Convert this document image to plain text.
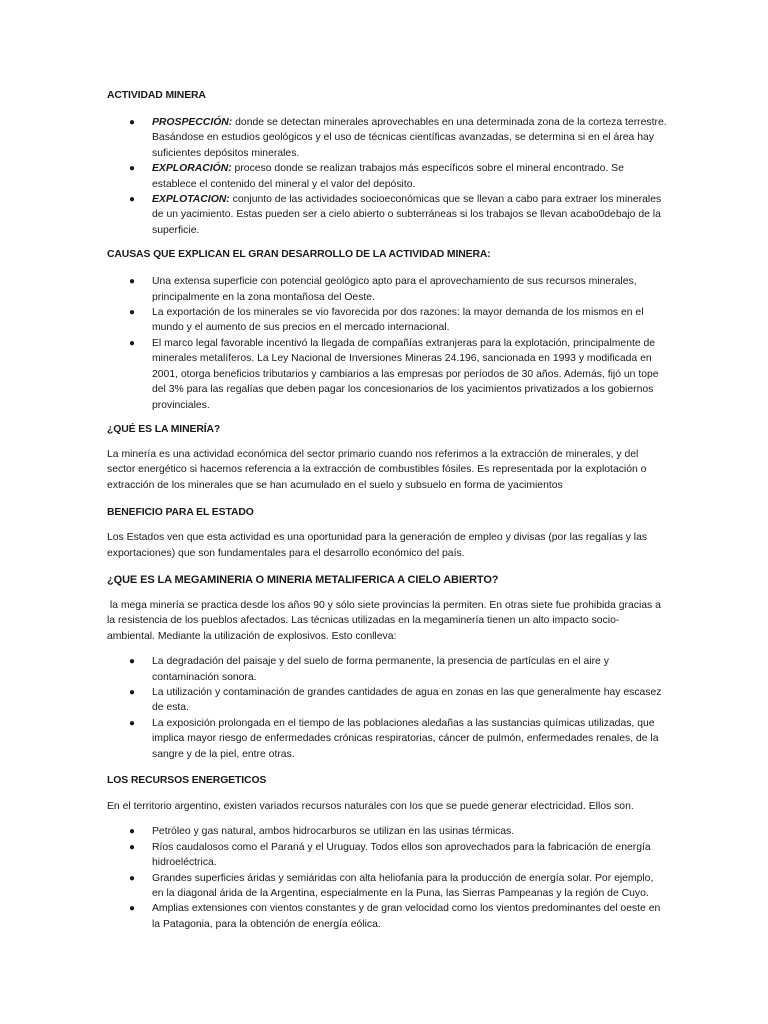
ACTIVIDAD MINERA
● PROSPECCIÓN: donde se detectan minerales aprovechables en una determinada zona de la corteza terrestre. Basándose en estudios geológicos y el uso de técnicas científicas avanzadas, se determina si en el área hay suficientes depósitos minerales.
● EXPLORACIÓN: proceso donde se realizan trabajos más específicos sobre el mineral encontrado. Se establece el contenido del mineral y el valor del depósito.
● EXPLOTACION: conjunto de las actividades socioeconómicas que se llevan a cabo para extraer los minerales de un yacimiento. Estas pueden ser a cielo abierto o subterráneas si los trabajos se llevan acabo0debajo de la superficie.
CAUSAS QUE EXPLICAN EL GRAN DESARROLLO DE LA ACTIVIDAD MINERA:
● Una extensa superficie con potencial geológico apto para el aprovechamiento de sus recursos minerales, principalmente en la zona montañosa del Oeste.
● La exportación de los minerales se vio favorecida por dos razones: la mayor demanda de los mismos en el mundo y el aumento de sus precios en el mercado internacional.
● El marco legal favorable incentivó la llegada de compañías extranjeras para la explotación, principalmente de minerales metalíferos. La Ley Nacional de Inversiones Mineras 24.196, sancionada en 1993 y modificada en 2001, otorga beneficios tributarios y cambiarios a las empresas por períodos de 30 años. Además, fijó un tope del 3% para las regalías que deben pagar los concesionarios de los yacimientos privatizados a los gobiernos provinciales.
¿QUÉ ES LA MINERÍA?

La minería es una actividad económica del sector primario cuando nos referimos a la extracción de minerales, y del sector energético si hacemos referencia a la extracción de combustibles fósiles. Es representada por la explotación o extracción de los minerales que se han acumulado en el suelo y subsuelo en forma de yacimientos

BENEFICIO PARA EL ESTADO

Los Estados ven que esta actividad es una oportunidad para la generación de empleo y divisas (por las regalías y las exportaciones) que son fundamentales para el desarrollo económico del país.

¿QUE ES LA MEGAMINERIA O MINERIA METALIFERICA A CIELO ABIERTO?

la mega minería se practica desde los años 90 y sólo siete provincias la permiten. En otras siete fue prohibida gracias a la resistencia de los pueblos afectados. Las técnicas utilizadas en la megaminería tienen un alto impacto socio-ambiental. Mediante la utilización de explosivos. Esto conlleva:

● La degradación del paisaje y del suelo de forma permanente, la presencia de partículas en el aire y contaminación sonora.
● La utilización y contaminación de grandes cantidades de agua en zonas en las que generalmente hay escasez de esta.
● La exposición prolongada en el tiempo de las poblaciones aledañas a las sustancias químicas utilizadas, que implica mayor riesgo de enfermedades crónicas respiratorias, cáncer de pulmón, enfermedades renales, de la sangre y de la piel, entre otras.
LOS RECURSOS ENERGETICOS

En el territorio argentino, existen variados recursos naturales con los que se puede generar electricidad. Ellos son.

● Petróleo y gas natural, ambos hidrocarburos se utilizan en las usinas térmicas.
● Ríos caudalosos como el Paraná y el Uruguay. Todos ellos son aprovechados para la fabricación de energía hidroeléctrica.
● Grandes superficies áridas y semiáridas con alta heliofania para la producción de energía solar. Por ejemplo, en la diagonal árida de la Argentina, especialmente en la Puna, las Sierras Pampeanas y la región de Cuyo.
● Amplias extensiones con vientos constantes y de gran velocidad como los vientos predominantes del oeste en la Patagonia, para la obtención de energía eólica.
